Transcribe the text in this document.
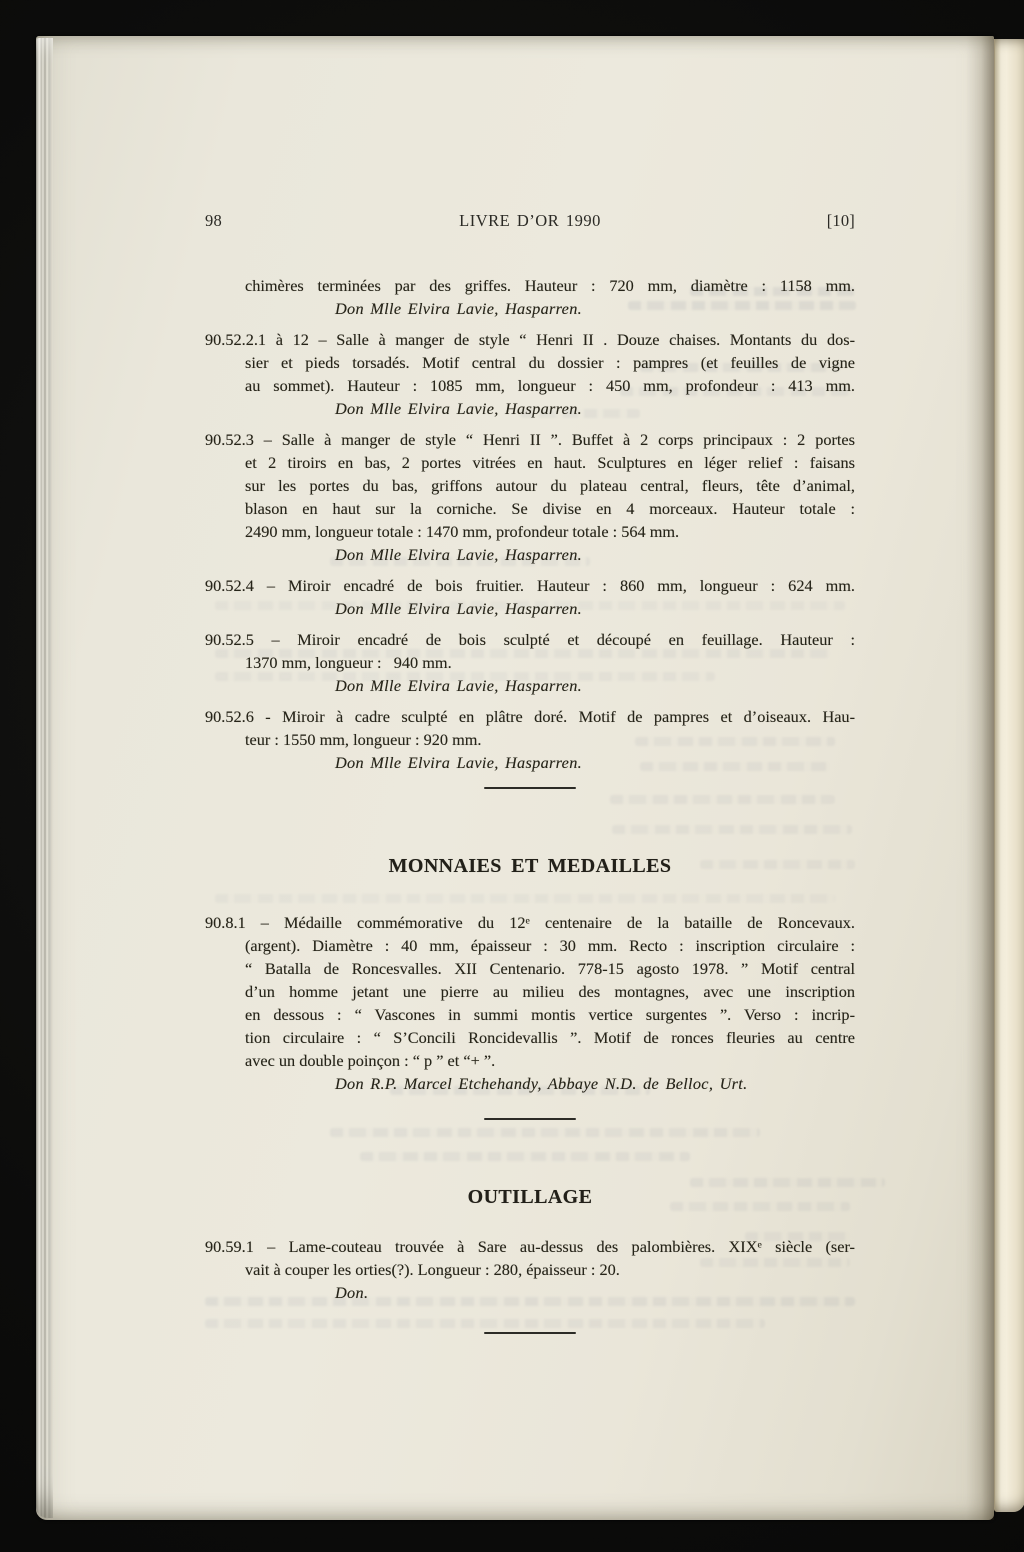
98	LIVRE D’OR 1990	[10]
chimères terminées par des griffes. Hauteur : 720 mm, diamètre : 1158 mm.
Don Mlle Elvira Lavie, Hasparren.
90.52.2.1 à 12 – Salle à manger de style “ Henri II . Douze chaises. Montants du dos-
sier et pieds torsadés. Motif central du dossier : pampres (et feuilles de vigne
au sommet). Hauteur : 1085 mm, longueur : 450 mm, profondeur : 413 mm.
Don Mlle Elvira Lavie, Hasparren.
90.52.3 – Salle à manger de style “ Henri II ”. Buffet à 2 corps principaux : 2 portes
et 2 tiroirs en bas, 2 portes vitrées en haut. Sculptures en léger relief : faisans
sur les portes du bas, griffons autour du plateau central, fleurs, tête d’animal,
blason en haut sur la corniche. Se divise en 4 morceaux. Hauteur totale :
2490 mm, longueur totale : 1470 mm, profondeur totale : 564 mm.
Don Mlle Elvira Lavie, Hasparren.
90.52.4 – Miroir encadré de bois fruitier. Hauteur : 860 mm, longueur : 624 mm.
Don Mlle Elvira Lavie, Hasparren.
90.52.5 – Miroir encadré de bois sculpté et découpé en feuillage. Hauteur :
1370 mm, longueur :  940 mm.
Don Mlle Elvira Lavie, Hasparren.
90.52.6 - Miroir à cadre sculpté en plâtre doré. Motif de pampres et d’oiseaux. Hau-
teur : 1550 mm, longueur : 920 mm.
Don Mlle Elvira Lavie, Hasparren.
MONNAIES ET MEDAILLES
90.8.1 – Médaille commémorative du 12e centenaire de la bataille de Roncevaux.
(argent). Diamètre : 40 mm, épaisseur : 30 mm. Recto : inscription circulaire :
“ Batalla de Roncesvalles. XII Centenario. 778-15 agosto 1978. ” Motif central
d’un homme jetant une pierre au milieu des montagnes, avec une inscription
en dessous : “ Vascones in summi montis vertice surgentes ”. Verso : incrip-
tion circulaire : “ S’Concili Roncidevallis ”. Motif de ronces fleuries au centre
avec un double poinçon : “ p ” et “+ ”.
Don R.P. Marcel Etchehandy, Abbaye N.D. de Belloc, Urt.
OUTILLAGE
90.59.1 – Lame-couteau trouvée à Sare au-dessus des palombières. XIXe siècle (ser-
vait à couper les orties(?). Longueur : 280, épaisseur : 20.
Don.
